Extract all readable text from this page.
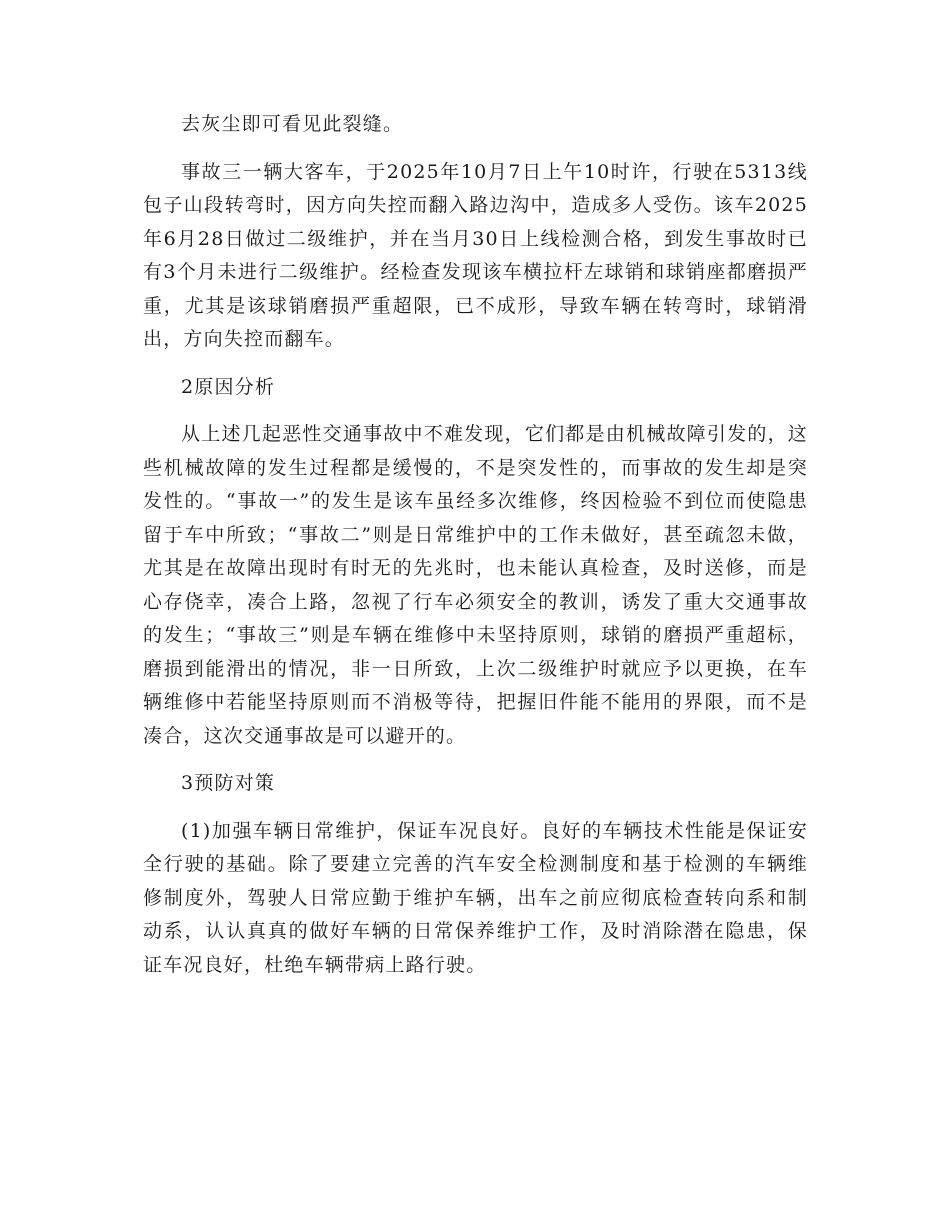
去灰尘即可看见此裂缝。

事故三一辆大客车，于2025年10月7日上午10时许，行驶在5313线包子山段转弯时，因方向失控而翻入路边沟中，造成多人受伤。该车2025年6月28日做过二级维护，并在当月30日上线检测合格，到发生事故时已有3个月未进行二级维护。经检查发现该车横拉杆左球销和球销座都磨损严重，尤其是该球销磨损严重超限，已不成形，导致车辆在转弯时，球销滑出，方向失控而翻车。

2原因分析

从上述几起恶性交通事故中不难发现，它们都是由机械故障引发的，这些机械故障的发生过程都是缓慢的，不是突发性的，而事故的发生却是突发性的。“事故一”的发生是该车虽经多次维修，终因检验不到位而使隐患留于车中所致；“事故二”则是日常维护中的工作未做好，甚至疏忽未做，尤其是在故障出现时有时无的先兆时，也未能认真检查，及时送修，而是心存侥幸，凑合上路，忽视了行车必须安全的教训，诱发了重大交通事故的发生；“事故三”则是车辆在维修中未坚持原则，球销的磨损严重超标，磨损到能滑出的情况，非一日所致，上次二级维护时就应予以更换，在车辆维修中若能坚持原则而不消极等待，把握旧件能不能用的界限，而不是凑合，这次交通事故是可以避开的。

3预防对策

(1)加强车辆日常维护，保证车况良好。良好的车辆技术性能是保证安全行驶的基础。除了要建立完善的汽车安全检测制度和基于检测的车辆维修制度外，驾驶人日常应勤于维护车辆，出车之前应彻底检查转向系和制动系，认认真真的做好车辆的日常保养维护工作，及时消除潜在隐患，保证车况良好，杜绝车辆带病上路行驶。
